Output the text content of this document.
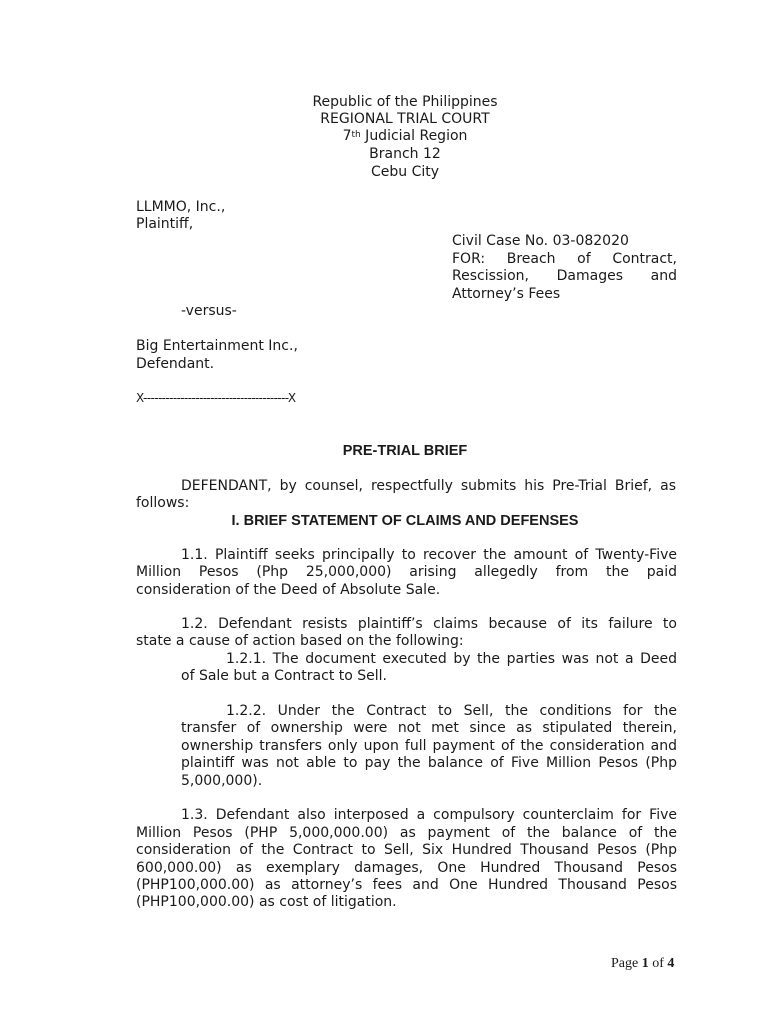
Republic of the Philippines
REGIONAL TRIAL COURT
7th Judicial Region
Branch 12
Cebu City
LLMMO, Inc.,
Plaintiff,
Civil Case No. 03-082020
FOR: Breach of Contract,
Rescission, Damages and
Attorney’s Fees
-versus-
Big Entertainment Inc.,
Defendant.
X---------------------------------------X
PRE-TRIAL BRIEF
DEFENDANT, by counsel, respectfully submits his Pre-Trial Brief, as
follows:
I. BRIEF STATEMENT OF CLAIMS AND DEFENSES
1.1. Plaintiff seeks principally to recover the amount of Twenty-Five
Million Pesos (Php 25,000,000) arising allegedly from the paid
consideration of the Deed of Absolute Sale.
1.2. Defendant resists plaintiff’s claims because of its failure to
state a cause of action based on the following:
1.2.1. The document executed by the parties was not a Deed
of Sale but a Contract to Sell.
1.2.2. Under the Contract to Sell, the conditions for the
transfer of ownership were not met since as stipulated therein,
ownership transfers only upon full payment of the consideration and
plaintiff was not able to pay the balance of Five Million Pesos (Php
5,000,000).
1.3. Defendant also interposed a compulsory counterclaim for Five
Million Pesos (PHP 5,000,000.00) as payment of the balance of the
consideration of the Contract to Sell, Six Hundred Thousand Pesos (Php
600,000.00) as exemplary damages, One Hundred Thousand Pesos
(PHP100,000.00) as attorney’s fees and One Hundred Thousand Pesos
(PHP100,000.00) as cost of litigation.
Page 1 of 4
